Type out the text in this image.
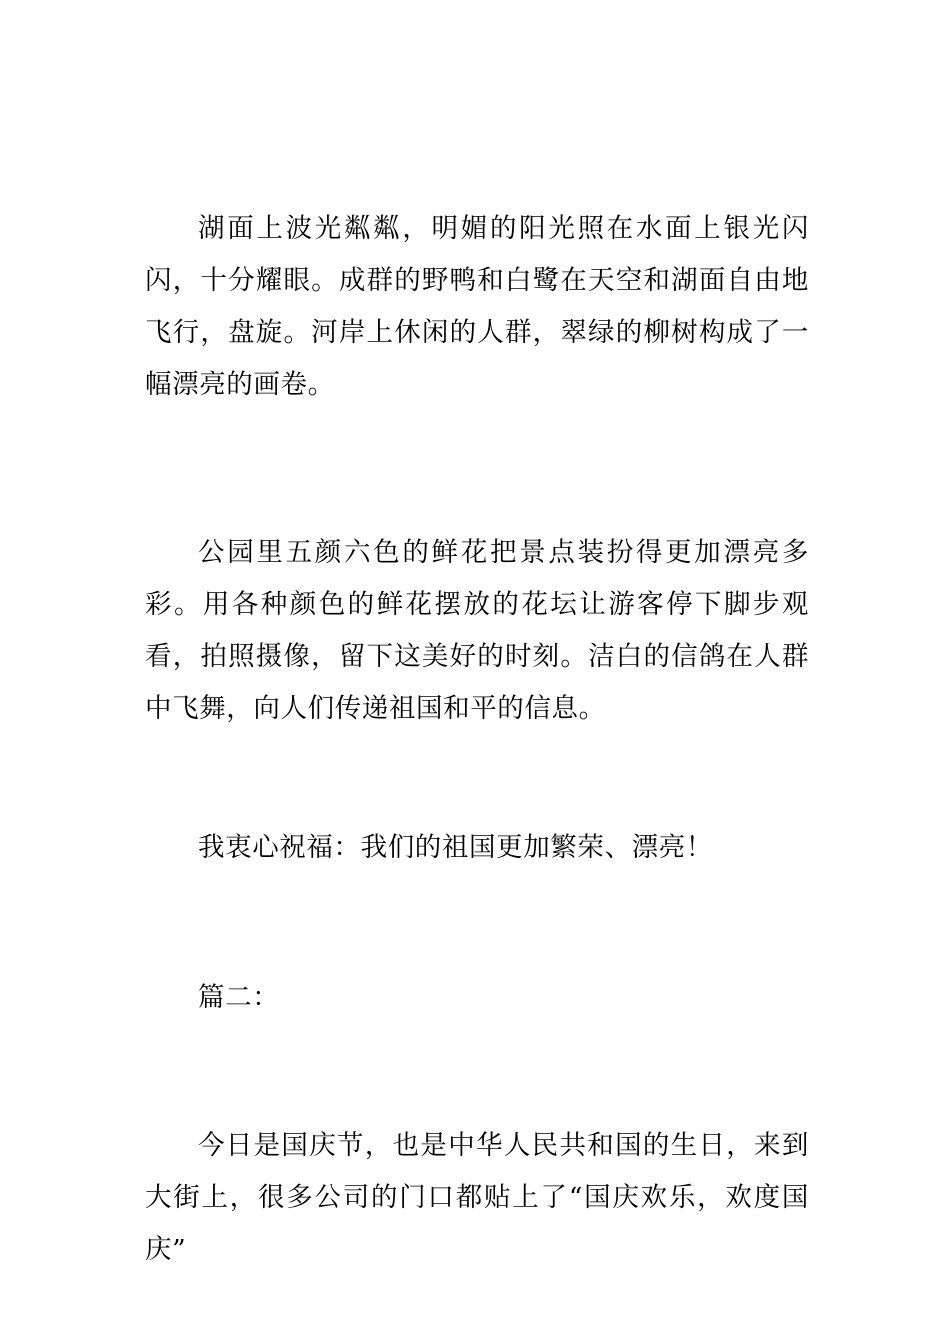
湖面上波光粼粼，明媚的阳光照在水面上银光闪闪，十分耀眼。成群的野鸭和白鹭在天空和湖面自由地飞行，盘旋。河岸上休闲的人群，翠绿的柳树构成了一幅漂亮的画卷。

公园里五颜六色的鲜花把景点装扮得更加漂亮多彩。用各种颜色的鲜花摆放的花坛让游客停下脚步观看，拍照摄像，留下这美好的时刻。洁白的信鸽在人群中飞舞，向人们传递祖国和平的信息。

我衷心祝福：我们的祖国更加繁荣、漂亮！

篇二：

今日是国庆节，也是中华人民共和国的生日，来到大街上，很多公司的门口都贴上了“国庆欢乐，欢度国庆”
